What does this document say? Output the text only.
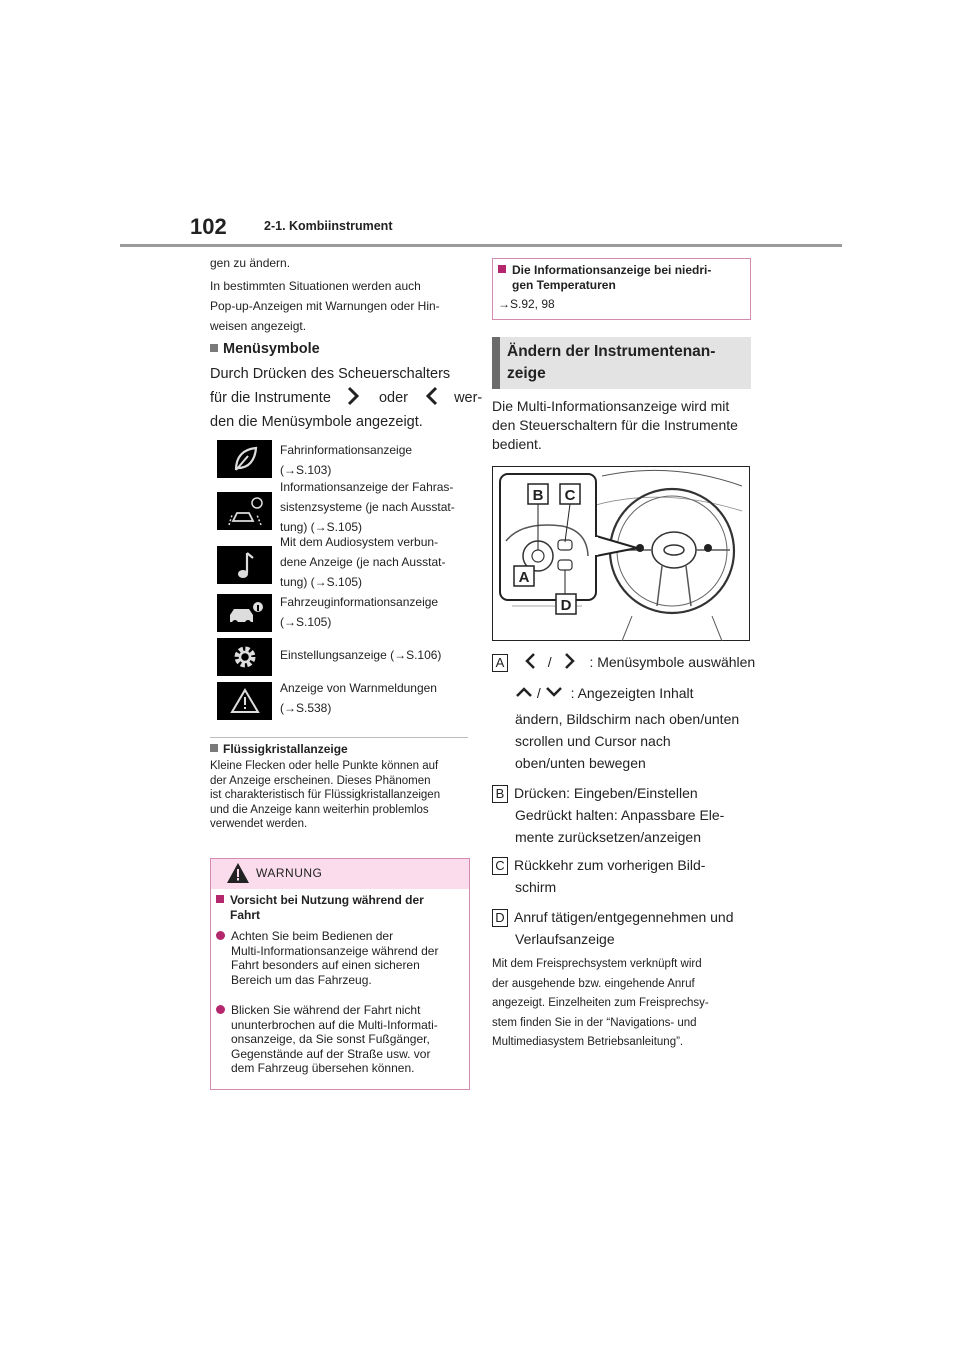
102	2-1. Kombiinstrument
gen zu ändern.
In bestimmten Situationen werden auch
Pop-up-Anzeigen mit Warnungen oder Hin-
weisen angezeigt.
Menüsymbole
Durch Drücken des Scheuerschalters
für die Instrumente	oder	wer-
den die Menüsymbole angezeigt.
Fahrinformationsanzeige
(→S.103)
Informationsanzeige der Fahras-
sistenzsysteme (je nach Ausstat-
tung) (→S.105)
Mit dem Audiosystem verbun-
dene Anzeige (je nach Ausstat-
tung) (→S.105)
Fahrzeuginformationsanzeige
(→S.105)
Einstellungsanzeige (→S.106)
Anzeige von Warnmeldungen
(→S.538)
Flüssigkristallanzeige
Kleine Flecken oder helle Punkte können auf
der Anzeige erscheinen. Dieses Phänomen
ist charakteristisch für Flüssigkristallanzeigen
und die Anzeige kann weiterhin problemlos
verwendet werden.
WARNUNG
Vorsicht bei Nutzung während der
Fahrt
Achten Sie beim Bedienen der
Multi-Informationsanzeige während der
Fahrt besonders auf einen sicheren
Bereich um das Fahrzeug.
Blicken Sie während der Fahrt nicht
ununterbrochen auf die Multi-Informati-
onsanzeige, da Sie sonst Fußgänger,
Gegenstände auf der Straße usw. vor
dem Fahrzeug übersehen können.
Die Informationsanzeige bei niedri-
gen Temperaturen
→S.92, 98
Ändern der Instrumentenan-
zeige
Die Multi-Informationsanzeige wird mit
den Steuerschaltern für die Instrumente
bedient.
B C
A
D
A	/	: Menüsymbole auswählen
/ : Angezeigten Inhalt
ändern, Bildschirm nach oben/unten
scrollen und Cursor nach
oben/unten bewegen
B Drücken: Eingeben/Einstellen
Gedrückt halten: Anpassbare Ele-
mente zurücksetzen/anzeigen
C Rückkehr zum vorherigen Bild-
schirm
D Anruf tätigen/entgegennehmen und
Verlaufsanzeige
Mit dem Freisprechsystem verknüpft wird
der ausgehende bzw. eingehende Anruf
angezeigt. Einzelheiten zum Freisprechsy-
stem finden Sie in der “Navigations- und
Multimediasystem Betriebsanleitung”.
